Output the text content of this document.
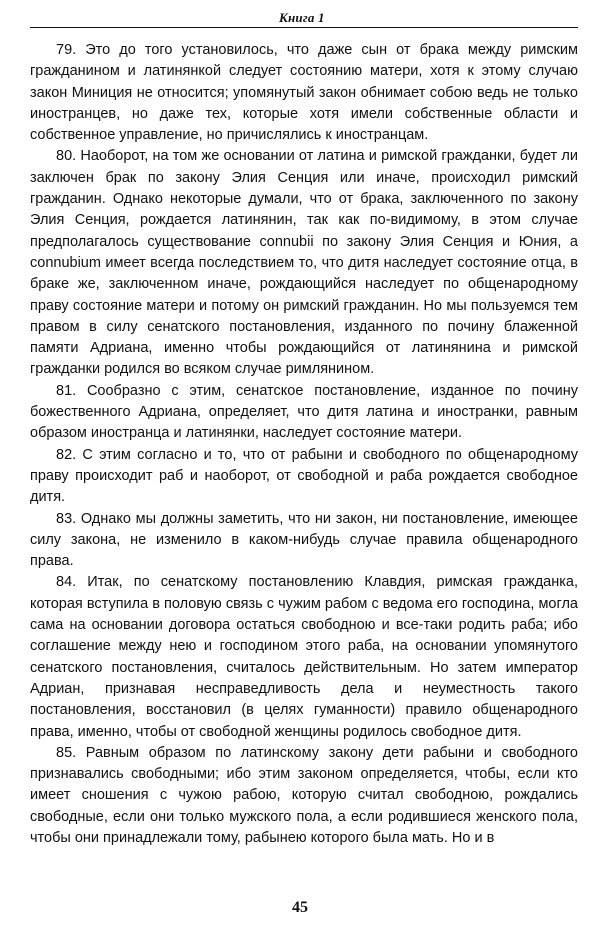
Книга 1

79. Это до того установилось, что даже сын от брака между римским гражданином и латинянкой следует состоянию матери, хотя к этому случаю закон Миниция не относится; упомянутый закон обнимает собою ведь не только иностранцев, но даже тех, которые хотя имели собственные области и собственное управление, но причислялись к иностранцам.

80. Наоборот, на том же основании от латина и римской гражданки, будет ли заключен брак по закону Элия Сенция или иначе, происходил римский гражданин. Однако некоторые думали, что от брака, заключенного по закону Элия Сенция, рождается латинянин, так как по-видимому, в этом случае предполагалось существование connubii по закону Элия Сенция и Юния, а connubium имеет всегда последствием то, что дитя наследует состояние отца, в браке же, заключенном иначе, рождающийся наследует по общенародному праву состояние матери и потому он римский гражданин. Но мы пользуемся тем правом в силу сенатского постановления, изданного по почину блаженной памяти Адриана, именно чтобы рождающийся от латинянина и римской гражданки родился во всяком случае римлянином.

81. Сообразно с этим, сенатское постановление, изданное по почину божественного Адриана, определяет, что дитя латина и иностранки, равным образом иностранца и латинянки, наследует состояние матери.

82. С этим согласно и то, что от рабыни и свободного по общенародному праву происходит раб и наоборот, от свободной и раба рождается свободное дитя.

83. Однако мы должны заметить, что ни закон, ни постановление, имеющее силу закона, не изменило в каком-нибудь случае правила общенародного права.

84. Итак, по сенатскому постановлению Клавдия, римская гражданка, которая вступила в половую связь с чужим рабом с ведома его господина, могла сама на основании договора остаться свободною и все-таки родить раба; ибо соглашение между нею и господином этого раба, на основании упомянутого сенатского постановления, считалось действительным. Но затем император Адриан, признавая несправедливость дела и неуместность такого постановления, восстановил (в целях гуманности) правило общенародного права, именно, чтобы от свободной женщины родилось свободное дитя.

85. Равным образом по латинскому закону дети рабыни и свободного признавались свободными; ибо этим законом определяется, чтобы, если кто имеет сношения с чужою рабою, которую считал свободною, рождались свободные, если они только мужского пола, а если родившиеся женского пола, чтобы они принадлежали тому, рабынею которого была мать. Но и в

45
